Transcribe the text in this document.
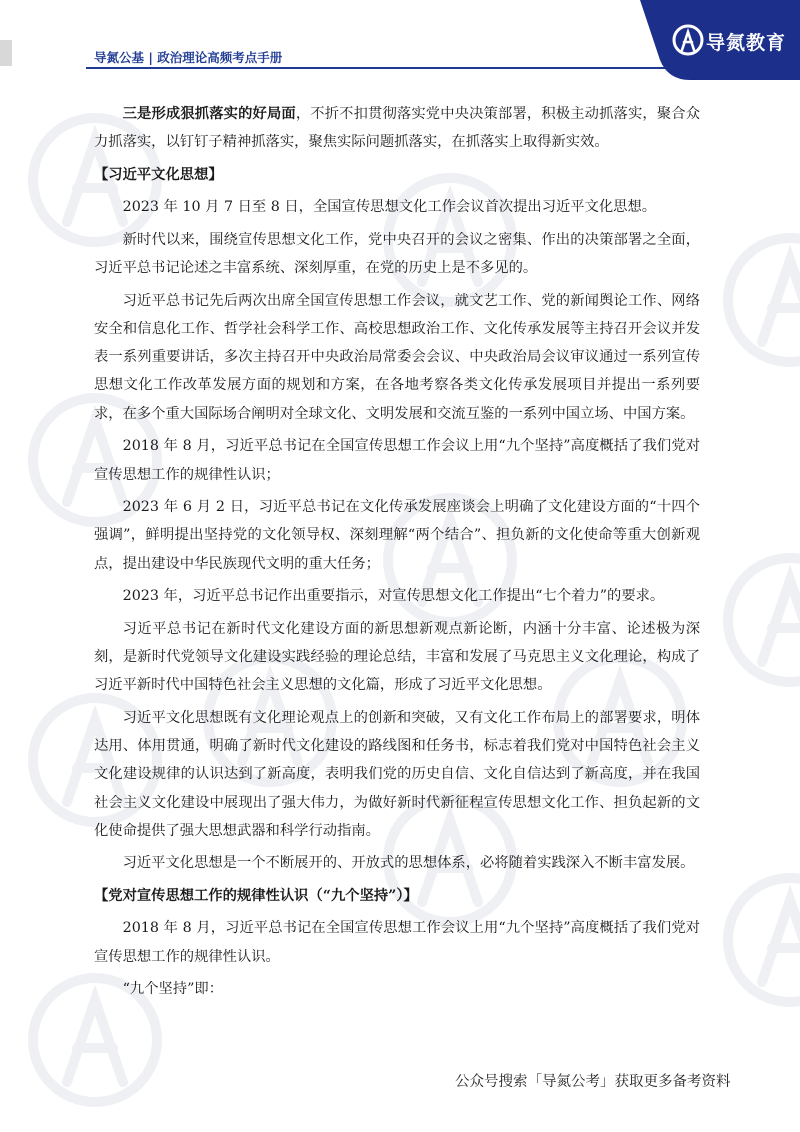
导氮公基 | 政治理论高频考点手册
导氮教育

三是形成狠抓落实的好局面，不折不扣贯彻落实党中央决策部署，积极主动抓落实，聚合众力抓落实，以钉钉子精神抓落实，聚焦实际问题抓落实，在抓落实上取得新实效。

【习近平文化思想】

2023 年 10 月 7 日至 8 日，全国宣传思想文化工作会议首次提出习近平文化思想。

新时代以来，围绕宣传思想文化工作，党中央召开的会议之密集、作出的决策部署之全面，习近平总书记论述之丰富系统、深刻厚重，在党的历史上是不多见的。

习近平总书记先后两次出席全国宣传思想工作会议，就文艺工作、党的新闻舆论工作、网络安全和信息化工作、哲学社会科学工作、高校思想政治工作、文化传承发展等主持召开会议并发表一系列重要讲话，多次主持召开中央政治局常委会会议、中央政治局会议审议通过一系列宣传思想文化工作改革发展方面的规划和方案，在各地考察各类文化传承发展项目并提出一系列要求，在多个重大国际场合阐明对全球文化、文明发展和交流互鉴的一系列中国立场、中国方案。

2018 年 8 月，习近平总书记在全国宣传思想工作会议上用“九个坚持”高度概括了我们党对宣传思想工作的规律性认识；

2023 年 6 月 2 日，习近平总书记在文化传承发展座谈会上明确了文化建设方面的“十四个强调”，鲜明提出坚持党的文化领导权、深刻理解“两个结合”、担负新的文化使命等重大创新观点，提出建设中华民族现代文明的重大任务；

2023 年，习近平总书记作出重要指示，对宣传思想文化工作提出“七个着力”的要求。

习近平总书记在新时代文化建设方面的新思想新观点新论断，内涵十分丰富、论述极为深刻，是新时代党领导文化建设实践经验的理论总结，丰富和发展了马克思主义文化理论，构成了习近平新时代中国特色社会主义思想的文化篇，形成了习近平文化思想。

习近平文化思想既有文化理论观点上的创新和突破，又有文化工作布局上的部署要求，明体达用、体用贯通，明确了新时代文化建设的路线图和任务书，标志着我们党对中国特色社会主义文化建设规律的认识达到了新高度，表明我们党的历史自信、文化自信达到了新高度，并在我国社会主义文化建设中展现出了强大伟力，为做好新时代新征程宣传思想文化工作、担负起新的文化使命提供了强大思想武器和科学行动指南。

习近平文化思想是一个不断展开的、开放式的思想体系，必将随着实践深入不断丰富发展。

【党对宣传思想工作的规律性认识（“九个坚持”）】

2018 年 8 月，习近平总书记在全国宣传思想工作会议上用“九个坚持”高度概括了我们党对宣传思想工作的规律性认识。

“九个坚持”即：

公众号搜索「导氮公考」获取更多备考资料
